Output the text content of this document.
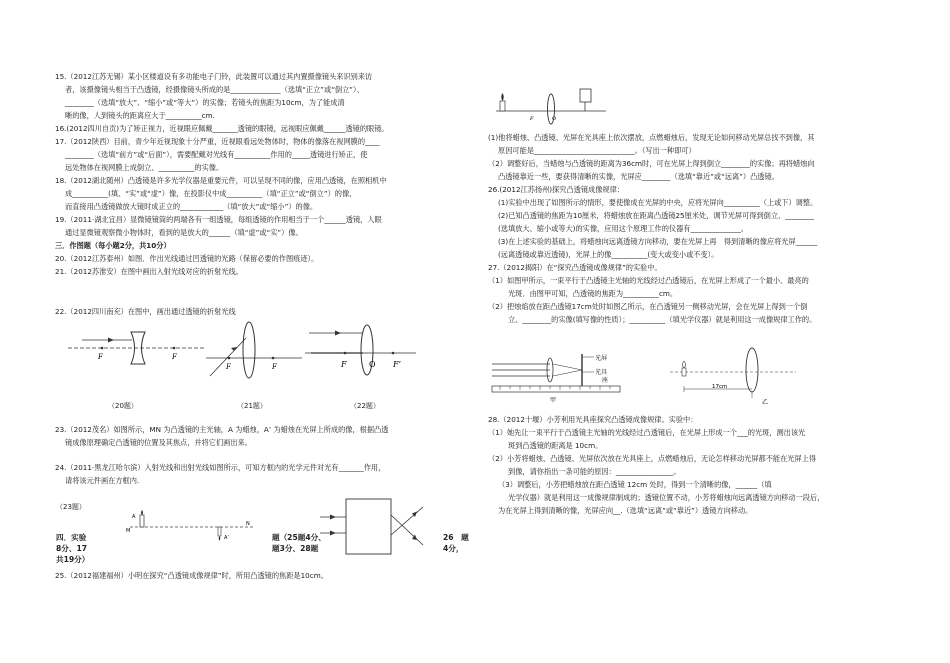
15.（2012江苏无锡）某小区楼道设有多功能电子门铃，此装置可以通过其内置摄像镜头来识别来访

者，该摄像镜头相当于凸透镜，经摄像镜头所成的是______________（选填“正立”或“倒立”）、

________（选填“放大”、“缩小”或“等大”）的实像；若镜头的焦距为10cm，为了能成清

晰的像，人到镜头的距离应大于__________cm.

16.(2012四川自贡)为了矫正视力，近视眼应佩戴_______透镜的眼镜，远视眼应佩戴______透镜的眼镜。

17.（2012陕西）目前，青少年近视现象十分严重，近视眼看远处物体时，物体的像落在视网膜的____

________（选填“前方”或“后面”），需要配戴对光线有__________作用的_____透镜进行矫正，使

远处物体在视网膜上成倒立、__________的实像。

18.（2012湖北随州）凸透镜是许多光学仪器是重要元件，可以呈现不同的像，应用凸透镜，在照相机中

成__________(填、“实”或“虚”）像，在投影仪中成__________（填“正立”或“倒立”）的像，

而直接用凸透镜做放大镜时成正立的____________（填“放大”或“缩小”）的像。

19.（2011·湖北宜昌）显微镜镜筒的两端各有一组透镜，每组透镜的作用相当于一个______透镜，人眼

通过显微镜观察微小物体时，看到的是放大的______（填“虚”或“实”）像。

三．作图题（每小题2分，共10分）

20.（2012江苏泰州）如图．作出光线通过凹透镜的光路（保留必要的作图痕迹）。

21.（2012苏淮安）在图中画出入射光线对应的折射光线。

22.（2012四川南充）在图中，画出通过透镜的折射光线

F	F
F	F	F	O F’
（20题）	（21题）	（22题）

23.（2012茂名）如图所示，MN 为凸透镜的主光轴，A 为蜡烛，A’ 为蜡烛在光屏上所成的像，根据凸透

镜成像原理确定凸透镜的位置及其焦点，并将它们画出来。

24.（2011·黑龙江哈尔滨）入射光线和出射光线如图所示，可知方框内的光学元件对光有_______作用，

请将该元件画在方框内.

（23题）
A
M
N
A’
四．实验
8分、17
共19分）
题（25题4分、
题3分、28题
26　题
4分，

25.（2012福建福州）小明在探究“凸透镜成像规律”时，所用凸透镜的焦距是10cm。

F	O

(1)他将蜡烛、凸透镜、光屏在光具座上依次摆放，点燃蜡烛后，发现无论如何移动光屏总找不到像，其

原因可能是____________________________。（写出一种即可）

（2）调整好后，当蜡烛与凸透镜的距离为36cm时，可在光屏上得到倒立________的实像；再将蜡烛向

凸透镜靠近一些，要获得清晰的实像，光屏应________（选填“靠近”或“远离”）凸透镜。

26.(2012江苏扬州)探究凸透镜成像规律：

(1)实验中出现了如图所示的情形，要使像成在光屏的中央，应将光屏向__________（上或下）调整。

(2)已知凸透镜的焦距为10厘米，将蜡烛放在距离凸透镜25厘米处，调节光屏可得到倒立、________

(选填放大、缩小或等大)的实像，应用这个原理工作的仪器有______________。

(3)在上述实验的基础上，将蜡烛向远离透镜方向移动，要在光屏上再　得到清晰的像应将光屏______

(远离透镜或靠近透镜)，光屏上的像__________(变大或变小或不变）。

27.（2012揭阳）在“探究凸透镜成像规律”的实验中。

（1）如图甲所示，一束平行于凸透镜主光轴的光线经过凸透镜后，在光屏上形成了一个最小、最亮的

光斑．由图甲可知，凸透镜的焦距为__________cm。

（2）把烛焰放在距凸透镜17cm处时如图乙所示，在凸透镜另一侧移动光屏，会在光屏上得到一个倒

立、________的实像(填写像的性质）；__________（填光学仪器）就是利用这一成像规律工作的。

光屏
光具
座
甲
17cm
乙

28.（2012十堰）小芳利用光具座探究凸透镜成像规律。实验中：

（1）她先让一束平行于凸透镜主光轴的光线经过凸透镜后，在光屏上形成一个___的光斑，测出该光

斑到凸透镜的距离是 10cm。

（2）小芳将蜡烛、凸透镜、光屏依次放在光具座上，点燃蜡烛后，无论怎样移动光屏都不能在光屏上得

到像，请你指出一条可能的原因：________________。

（3）调整后，小芳把蜡烛放在距凸透镜 12cm 处时，得到一个清晰的像，______（填

光学仪器）就是利用这一成像规律制成的；透镜位置不动，小芳将蜡烛向远离透镜方向移动一段后，

为在光屏上得到清晰的像，光屏应向__.（选填“远离”或“靠近”）透镜方向移动。
